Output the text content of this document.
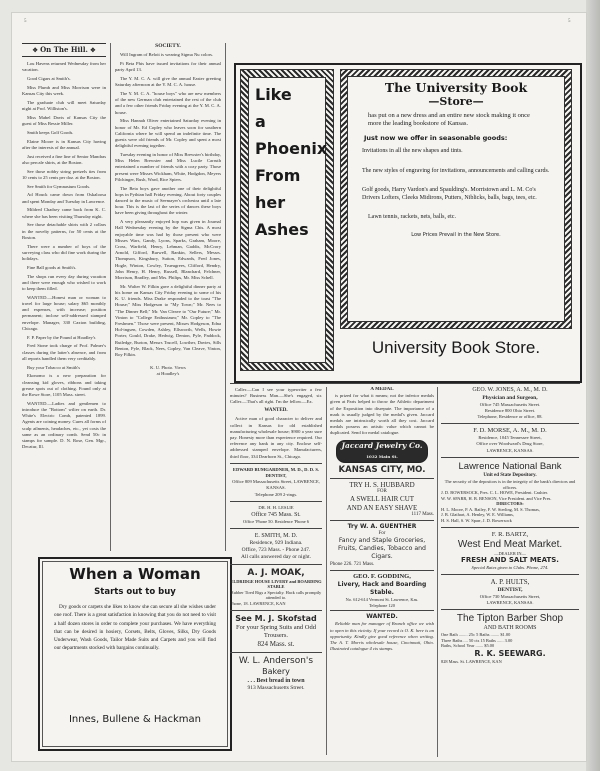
✥ On The Hill. ✥

Lou Havens returned Wednesday from her vacation.

Good Cigars at Smith's.

Miss Plumb and Miss Morrison were in Kansas City this week.

The graduate club will meet Saturday night at Prof. Williston's.

Miss Mabel Davis of Kansas City the guest of Miss Bessie Miller.

Smith keeps Golf Goods.

Elaine Moore is in Kansas City having after the interests of the annual.

Just received a fine line of Senior Mandras also percale shirts, at the Boston.

See those nobby string pretzels ties from 10 cents to 25 cents per doz. at the Boston.

See Smith for Gymnasium Goods.

Ad Houck came down from Oskaloosa and spent Monday and Tuesday in Lawrence.

Mildred Chadsey came back from K. C. where she has been visiting Thursday night.

See those detachable shirts with 2 collars in the novelty patterns, for 50 cents at the Boston.

There were a number of boys of the surveying class who did fine work during the holidays.

Fine Ball goods at Smith's.

The shops run every day during vacation and there were enough who wished to work to keep them filled.

WANTED.—Honest man or woman to travel for large house; salary $65 monthly and expenses, with increase; position permanent; inclose self-addressed stamped envelope. Manager, 330 Caxton building, Chicago.

F. P. Paper by the Pound at Hoadley's

Fred Stone took charge of Prof. Palmer's classes during the latter's absence, and from all reports handled them very creditably.

Buy your Tobacco at Smith's

Ekonomo is a new preparation for cleansing kid gloves, ribbons and taking grease spots out of clothing. Found only at the Rowe Store, 1105 Mass. street.

WANTED.—Ladies and gentlemen to introduce the "Bottom" wilier on earth. Dr. White's Electric Comb, patented 1899. Agents are coining money. Cures all forms of scalp ailments, headaches, etc., yet costs the same as an ordinary comb. Send 50c in stamps for sample. D. N. Rose, Gen. Mgr., Decatur, Ill.

SOCIETY.

Will Ingram of Beloit is wearing Sigma Nu colors.

Pi Beta Phis have issued invitations for their annual party April 13.

The Y. M. C. A. will give the annual Easter greeting Saturday afternoon at the Y. M. C. A. house.

The Y. M. C. A. "house boys" who are new members of the new German club entertained the rest of the club and a few other friends Friday evening at the Y. M. C. A. house.

Miss Hannah Oliver entertained Saturday evening in honor of Mr. Ed Copley who leaves soon for southern California where he will spend an indefinite time. The guests were old friends of Mr. Copley and spent a most delightful evening together.

Tuesday evening in honor of Miss Brewster's birthday, Miss Helen Brewster and Miss Lucile Carruth entertained a number of friends with a cozy party. Those present were Misses Wickham, White, Hodgdon, Meyers Pilchinger, Rush, Ward, Rice Spiers.

The Beta boys gave another one of their delightful hops in Pythian hall Friday evening. About forty couples danced to the music of Seemayer's orchestra until a late hour. This is the last of the series of dances these boys have been giving throughout the winter.

A very pleasantly enjoyed hop was given in Journal Hall Wednesday evening by the Sigma Chis. A most enjoyable time was had by those present who were Misses Wars, Gandy, Lyons, Sparks, Graham, Moore, Cross, Warfield, Henry, Lehman, Gaddis, McCrory Arnold, Gifford, Burwell, Rankin, Sellers, Messrs. Thompson, Kingsbury, Sutton, Edwards, Fred Jones, Hogle, Winton, Cowley, Trueugrees, Clifford, Hendry, John Henry, H. Henry, Russell, Blanchard, Felchner, Morrison, Bradley, and Mrs. Philips, Mr. Miss Schell.

Mr. Walter W. Filkin gave a delightful dinner party at his home on Kansas City Friday evening to some of his K. U. friends. Miss Drake responded to the toast "The House;" Miss Hodgeson to "My Town;" Mr. Nees to "The Dinner Bell;" Mr. Van Cleave to "Our Future;" Mr. Vinton to "College Enthusiasm;" Mr. Copley to "The Freshmen." Those were present, Misses Hodgeson, Edna Hol-ingsen, Cowden, Ashley, Ellsworth, Wells, Howie Porter, Gould, Drake, Hedwig, Denton, Pyle, Paddock, Rutledge, Burton, Messrs Trucell, Lowther, Davies, Sills Benton, Pyle, Black, Nees, Copley, Van Cleave, Vinton, Roy Filkin.

K. U. Photo. Views
at Hoadley's
When a Woman
Starts out to buy
Dry goods or carpets she likes to know she can secure all she wishes under one roof. There is a great satisfaction in knowing that you do not need to visit a half dozen stores in order to complete your purchases. We have everything that can be desired in hosiery, Corsets, Belts, Gloves, Silks, Dry Goods Underwear, Wash Goods, Tailor Made Suits and Carpets and you will find our departments stocked with bargains continually.
Innes, Bullene & Hackman
Like
a
Phoenix
From
her
Ashes
The University Book
—Store—
has put on a new dress and an entire new stock making it once more the leading bookstore of Kansas.
Just now we offer in seasonable goods:
Invitations in all the new shapes and tints.
The new styles of engraving for invitations, announcements and calling cards.
Golf goods, Harry Vardon's and Spaulding's. Morristown and L. M. Co's Drivers Lofters, Cleeks Midirons, Putters, Niblicks, balls, bags, tees, etc.
Lawn tennis, rackets, nets, balls, etc.
Low Prices Prevail in the New Store.
University Book Store.

Caller.—Can I see your typewriter a few minutes? Business Man.—She's engaged, sir. Caller.—That's all right. I'm the fellow.—Ex.

WANTED.

Active man of good character to deliver and collect in Kansas for old established manufacturing wholesale house; $900 a year sure pay. Honesty more than experience required. Our reference any bank in any city. Enclose self-addressed stamped envelope. Manufacturers, third floor, 334 Dearborn St., Chicago.

EDWARD BUMGARDNER, M. D., D. D. S.
DENTIST,
Office 809 Massachusetts Street, LAWRENCE, KANSAS.
Telephone 209 2-rings.
DR. H. H. LESLIE
Office 745 Mass. St.
Office 'Phone 50. Residence 'Phone 6
E. SMITH, M. D.
Residence, 929 Indiana.
Office, 723 Mass. - Phone 247.
All calls answered day or night.
A. J. MOAK,
ELDRIDGE HOUSE LIVERY and BOARDING STABLE
Rubber Tired Rigs a Specialty. Hack calls promptly attended to.
Phone, 18. LAWRENCE, KAN
See M. J. Skofstad
For your Spring Suits and Odd Trousers.
824 Mass. st.
W. L. Anderson's
Bakery
. . . Best bread in town
913 Massachusetts Street.
A MEDAL

is prized for what it means; not the inferior medals given at Paris helped to throw the Athletic department of the Exposition into disrepute. The importance of a mark is usually judged by the medal's given. Jaccard medals are intrinsically worth all they cost. Jaccard medals possess an artistic value which cannot be duplicated. Send for medal catalogue.

Jaccard Jewelry Co. 1032 Main St.
KANSAS CITY, MO.
TRY H. S. HUBBARD
FOR
A SWELL HAIR CUT
AND AN EASY SHAVE
1117 Mass.
Try W. A. GUENTHER
For
Fancy and Staple Groceries, Fruits, Candies, Tobacco and Cigars.
Phone 226. 721 Mass.
GEO. F. GODDING,
Livery, Hack and Boarding Stable.
No. 612-614 Vermont St. Lawrence, Kas.
Telephone 120
WANTED.

Reliable man for manager of Branch office we wish to open in this vicinity. If your record is O. K. here is an opportunity. Kindly give good reference when writing. The A. T. Morris wholesale house, Cincinnati, Ohio. Illustrated catalogue 4 cts stamps.

GEO. W. JONES, A. M., M. D.
Physician and Surgeon,
Office 745 Massachusetts Street.
Residence 800 Ohio Street.
Telephone, Residence or office, 88.
F. D. MORSE, A. M., M. D.
Residence, 1045 Tennessee Street,
Office over Woodward's Drug Store,
LAWRENCE, KANSAS.
Lawrence National Bank
Unit ed State Depository.
The security of the depositors is in the integrity of the bank's directors and officers.
J. D. BOWERSOCK, Pres. C. L. HOWE, President. Cashier.
W. W. SPARR, H. B. BENSON, Vice President. and Vice Pres.
DIRECTORS:
H. L. Moore, P. A. Bailey, F. W. Sterling, M. S. Thomas,
J. B. Glathart, A. Henley, W. E. Williams,
H. S. Hall, S. W. Sparr, J. D. Bowersock
F. R. BARTZ,
West End Meat Market.
—DEALER IN—
FRESH AND SALT MEATS.
Special Rates given to Clubs. Phone, 274.
A. P. HULTS,
DENTIST,
Office 730 Massachusetts Street,
LAWRENCE, KANSAS.
The Tipton Barber Shop
AND BATH ROOMS
One Bath ........ 25c 5 Baths ........ $1.00
Three Baths .... 50 cts 15 Baths ...... 3.00
Baths, School Year ....... $5.00
R. K. SEEWARG.
828 Mass. St. LAWRENCE, KAN
5
5
